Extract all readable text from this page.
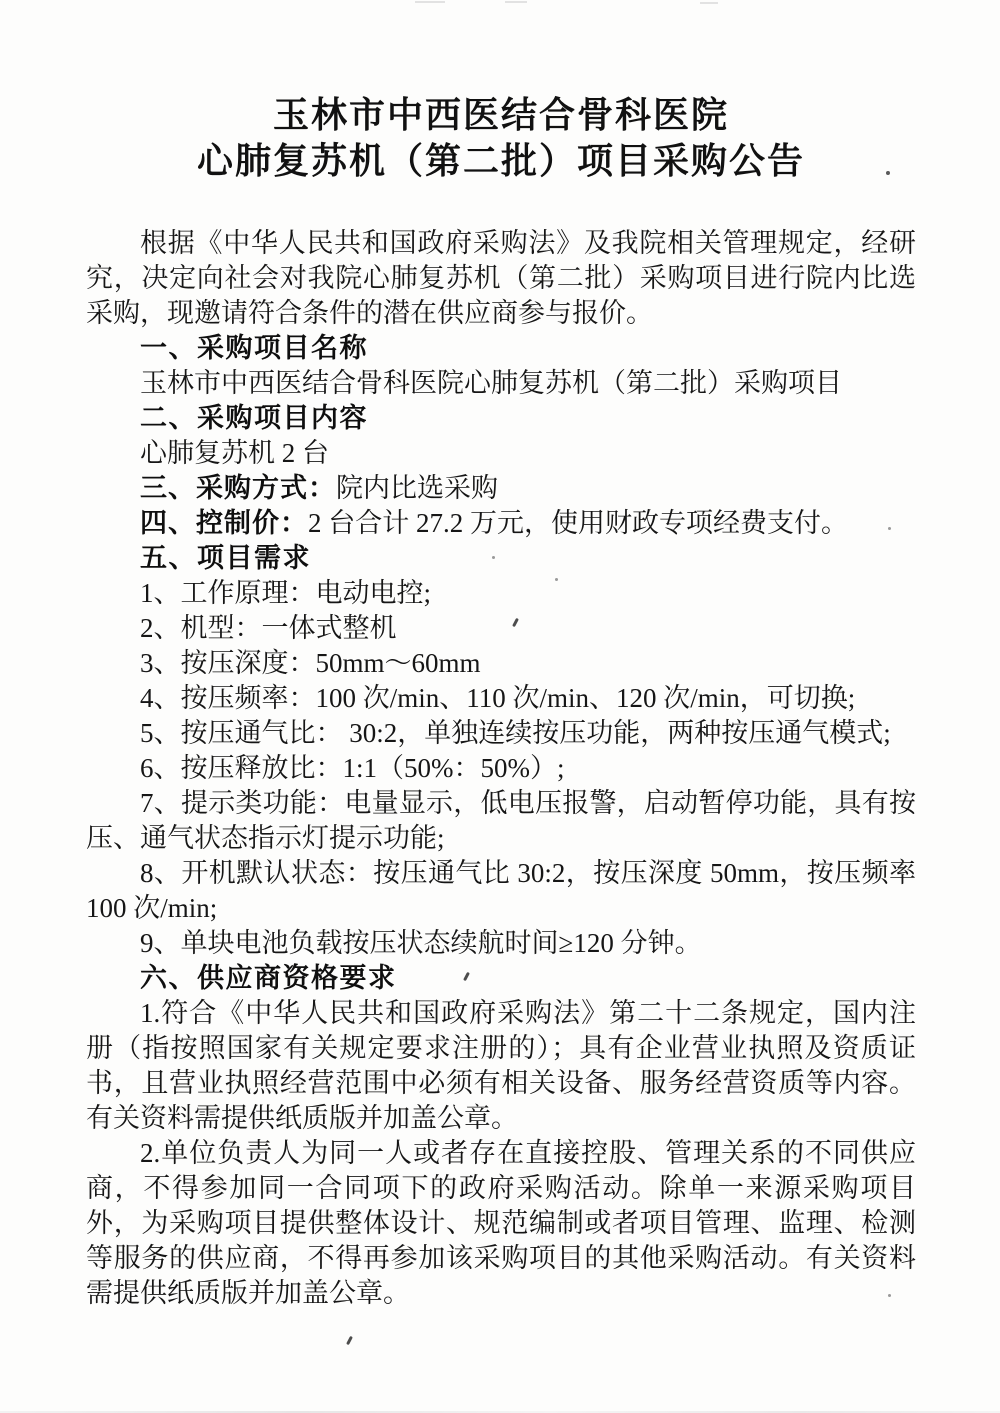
玉林市中西医结合骨科医院
心肺复苏机（第二批）项目采购公告

根据《中华人民共和国政府采购法》及我院相关管理规定，经研究，决定向社会对我院心肺复苏机（第二批）采购项目进行院内比选采购，现邀请符合条件的潜在供应商参与报价。

一、采购项目名称

玉林市中西医结合骨科医院心肺复苏机（第二批）采购项目

二、采购项目内容

心肺复苏机 2 台

三、采购方式：院内比选采购

四、控制价：2 台合计 27.2 万元，使用财政专项经费支付。

五、项目需求

1、工作原理：电动电控;

2、机型：一体式整机

3、按压深度：50mm～60mm

4、按压频率：100 次/min、110 次/min、120 次/min，可切换;

5、按压通气比： 30:2，单独连续按压功能，两种按压通气模式;

6、按压释放比：1:1（50%：50%）;

7、提示类功能：电量显示，低电压报警，启动暂停功能，具有按压、通气状态指示灯提示功能;

8、开机默认状态：按压通气比 30:2，按压深度 50mm，按压频率 100 次/min;

9、单块电池负载按压状态续航时间≥120 分钟。

六、供应商资格要求

1.符合《中华人民共和国政府采购法》第二十二条规定，国内注册（指按照国家有关规定要求注册的）；具有企业营业执照及资质证书，且营业执照经营范围中必须有相关设备、服务经营资质等内容。有关资料需提供纸质版并加盖公章。

2.单位负责人为同一人或者存在直接控股、管理关系的不同供应商，不得参加同一合同项下的政府采购活动。除单一来源采购项目外，为采购项目提供整体设计、规范编制或者项目管理、监理、检测等服务的供应商，不得再参加该采购项目的其他采购活动。有关资料需提供纸质版并加盖公章。
